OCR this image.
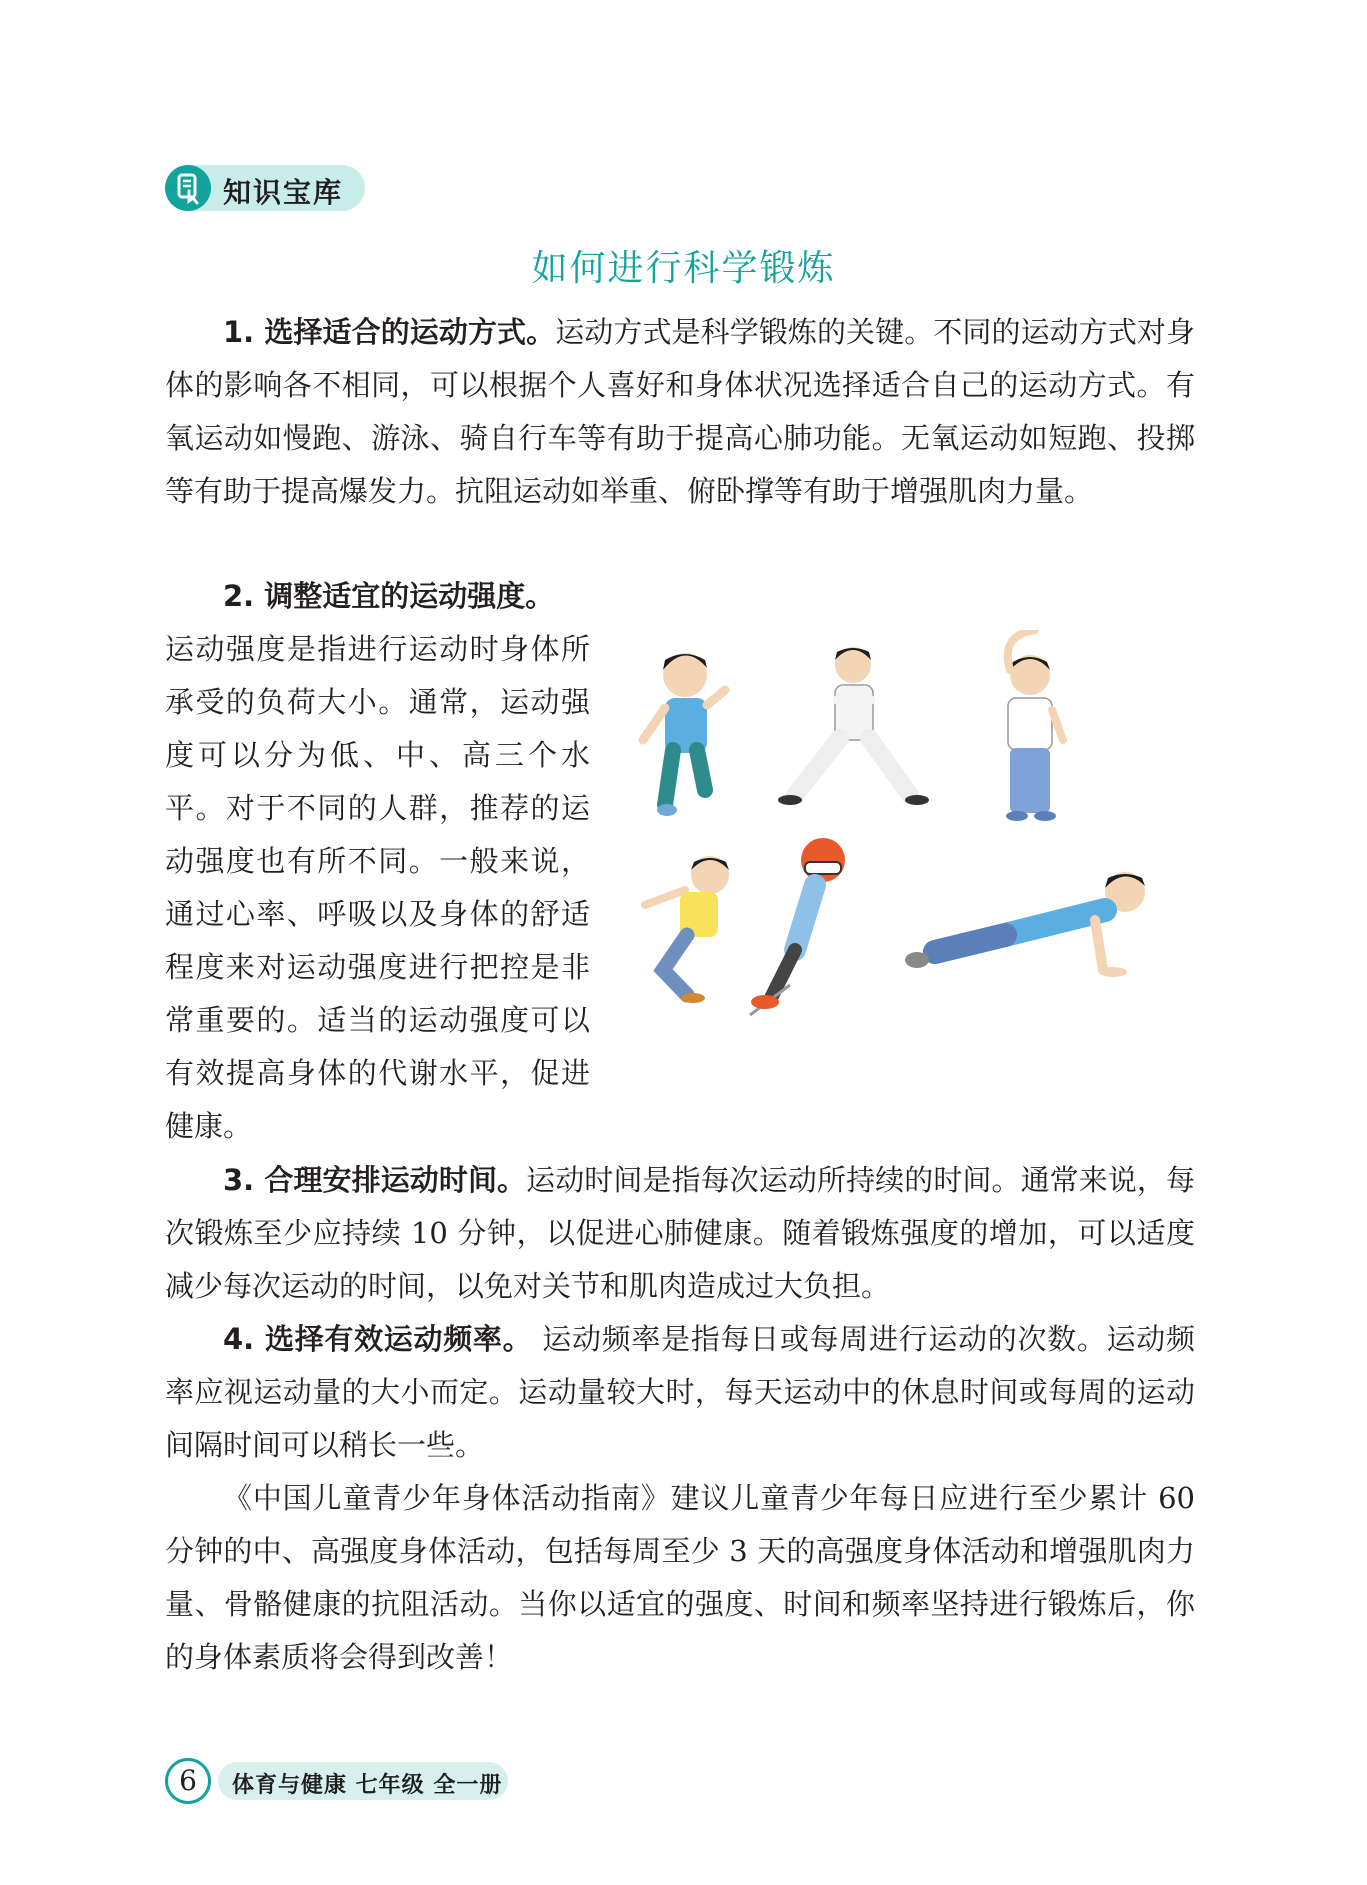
知识宝库
如何进行科学锻炼

1. 选择适合的运动方式。运动方式是科学锻炼的关键。不同的运动方式对身体的影响各不相同，可以根据个人喜好和身体状况选择适合自己的运动方式。有氧运动如慢跑、游泳、骑自行车等有助于提高心肺功能。无氧运动如短跑、投掷等有助于提高爆发力。抗阻运动如举重、俯卧撑等有助于增强肌肉力量。

2. 调整适宜的运动强度。

运动强度是指进行运动时身体所承受的负荷大小。通常，运动强度可以分为低、中、高三个水平。对于不同的人群，推荐的运动强度也有所不同。一般来说，通过心率、呼吸以及身体的舒适程度来对运动强度进行把控是非常重要的。适当的运动强度可以有效提高身体的代谢水平，促进健康。

3. 合理安排运动时间。运动时间是指每次运动所持续的时间。通常来说，每次锻炼至少应持续 10 分钟，以促进心肺健康。随着锻炼强度的增加，可以适度减少每次运动的时间，以免对关节和肌肉造成过大负担。

4. 选择有效运动频率。 运动频率是指每日或每周进行运动的次数。运动频率应视运动量的大小而定。运动量较大时，每天运动中的休息时间或每周的运动间隔时间可以稍长一些。

《中国儿童青少年身体活动指南》建议儿童青少年每日应进行至少累计 60 分钟的中、高强度身体活动，包括每周至少 3 天的高强度身体活动和增强肌肉力量、骨骼健康的抗阻活动。当你以适宜的强度、时间和频率坚持进行锻炼后，你的身体素质将会得到改善！

6	体育与健康 七年级 全一册
